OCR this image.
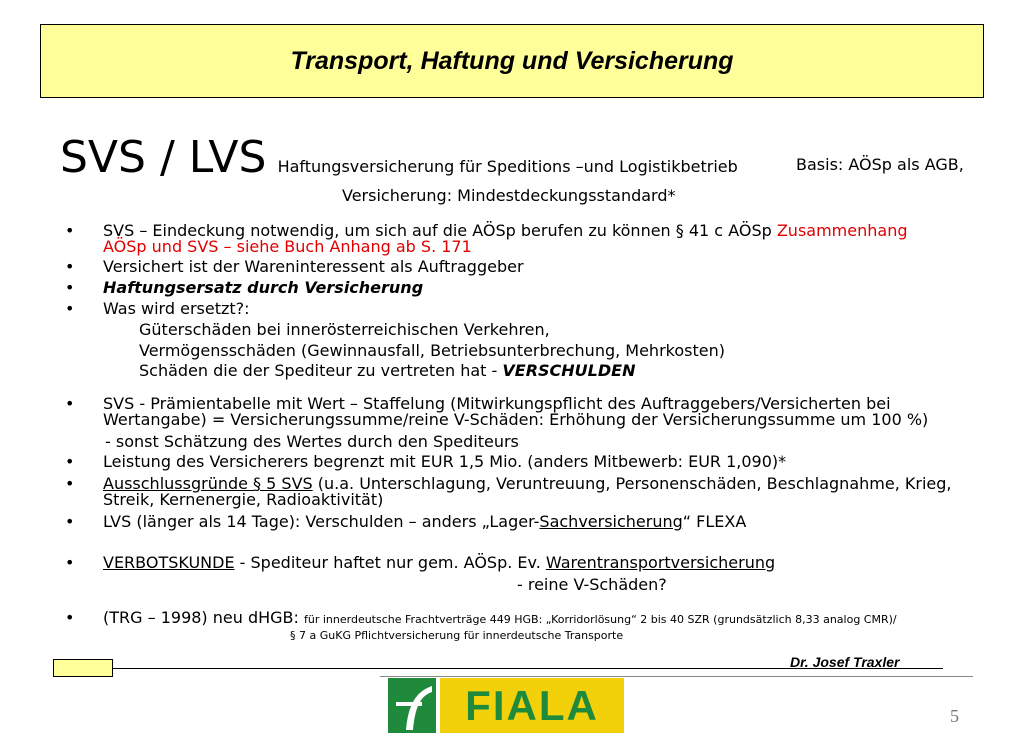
Transport, Haftung und Versicherung
SVS / LVS Haftungsversicherung für Speditions –und Logistikbetrieb	Basis: AÖSp als AGB,
Versicherung: Mindestdeckungsstandard*
• SVS – Eindeckung notwendig, um sich auf die AÖSp berufen zu können § 41 c AÖSp Zusammenhang AÖSp und SVS – siehe Buch Anhang ab S. 171
• Versichert ist der Wareninteressent als Auftraggeber
• Haftungsersatz durch Versicherung
• Was wird ersetzt?:
Güterschäden bei innerösterreichischen Verkehren,
Vermögensschäden (Gewinnausfall, Betriebsunterbrechung, Mehrkosten)
Schäden die der Spediteur zu vertreten hat - VERSCHULDEN
• SVS - Prämientabelle mit Wert – Staffelung (Mitwirkungspflicht des Auftraggebers/Versicherten bei Wertangabe) = Versicherungssumme/reine V-Schäden: Erhöhung der Versicherungssumme um 100 %)
- sonst Schätzung des Wertes durch den Spediteurs
• Leistung des Versicherers begrenzt mit EUR 1,5 Mio. (anders Mitbewerb: EUR 1,090)*
• Ausschlussgründe § 5 SVS (u.a. Unterschlagung, Veruntreuung, Personenschäden, Beschlagnahme, Krieg, Streik, Kernenergie, Radioaktivität)
• LVS (länger als 14 Tage): Verschulden – anders „Lager-Sachversicherung“ FLEXA
• VERBOTSKUNDE - Spediteur haftet nur gem. AÖSp. Ev. Warentransportversicherung
- reine V-Schäden?
• (TRG – 1998) neu dHGB: für innerdeutsche Frachtverträge 449 HGB: „Korridorlösung“ 2 bis 40 SZR (grundsätzlich 8,33 analog CMR)/
§ 7 a GuKG Pflichtversicherung für innerdeutsche Transporte
Dr. Josef Traxler
FIALA	5
